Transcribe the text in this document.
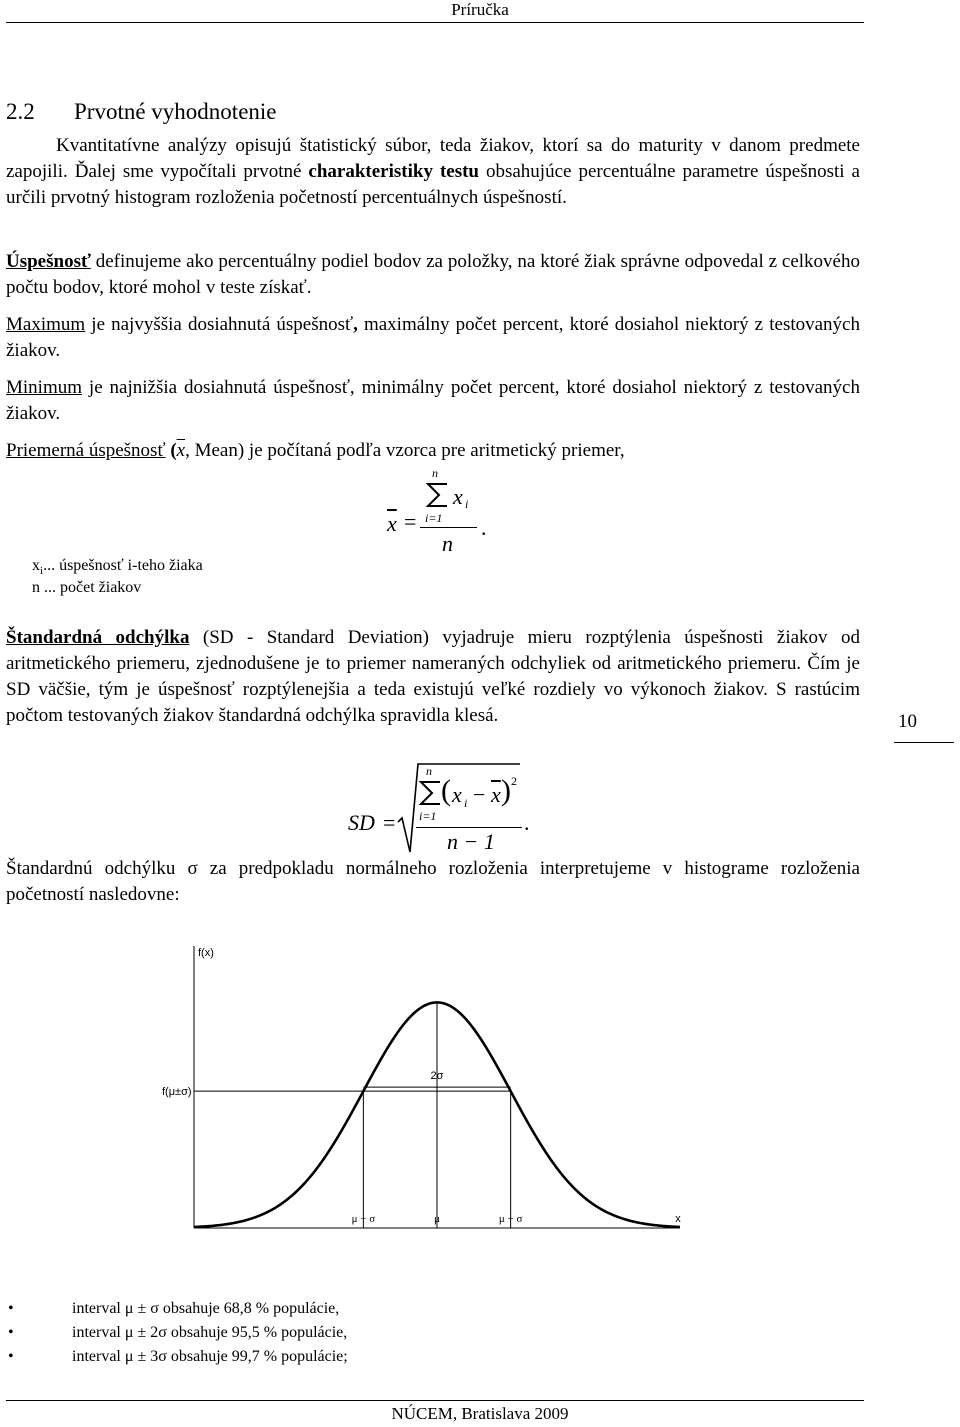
Príručka
2.2 Prvotné vyhodnotenie
Kvantitatívne analýzy opisujú štatistický súbor, teda žiakov, ktorí sa do maturity v danom predmete zapojili. Ďalej sme vypočítali prvotné charakteristiky testu obsahujúce percentuálne parametre úspešnosti a určili prvotný histogram rozloženia početností percentuálnych úspešností.
Úspešnosť definujeme ako percentuálny podiel bodov za položky, na ktoré žiak správne odpovedal z celkového počtu bodov, ktoré mohol v teste získať.
Maximum je najvyššia dosiahnutá úspešnosť, maximálny počet percent, ktoré dosiahol niektorý z testovaných žiakov.
Minimum je najnižšia dosiahnutá úspešnosť, minimálny počet percent, ktoré dosiahol niektorý z testovaných žiakov.
Priemerná úspešnosť ($\overline{x}$, Mean) je počítaná podľa vzorca pre aritmetický priemer,
$\overline{x}$ =
n
x i
i=1
n
.
$x_i$... úspešnosť i-teho žiaka
n ... počet žiakov
Štandardná odchýlka (SD - Standard Deviation) vyjadruje mieru rozptýlenia úspešnosti žiakov od aritmetického priemeru, zjednodušene je to priemer nameraných odchyliek od aritmetického priemeru. Čím je SD väčšie, tým je úspešnosť rozptýlenejšia a teda existujú veľké rozdiely vo výkonoch žiakov. S rastúcim počtom testovaných žiakov štandardná odchýlka spravidla klesá.	10
SD =
n
i=1
( x $i - \overline{x}$ ) 2
n − 1
.
Štandardnú odchýlku σ za predpokladu normálneho rozloženia interpretujeme v histograme rozloženia početností nasledovne:
f(x)
f(μ±σ)
2σ
μ − σ	μ	μ + σ	x
•	interval μ ± σ obsahuje 68,8 % populácie,
•	interval μ ± 2σ obsahuje 95,5 % populácie,
•	interval μ ± 3σ obsahuje 99,7 % populácie;
NÚCEM, Bratislava 2009
